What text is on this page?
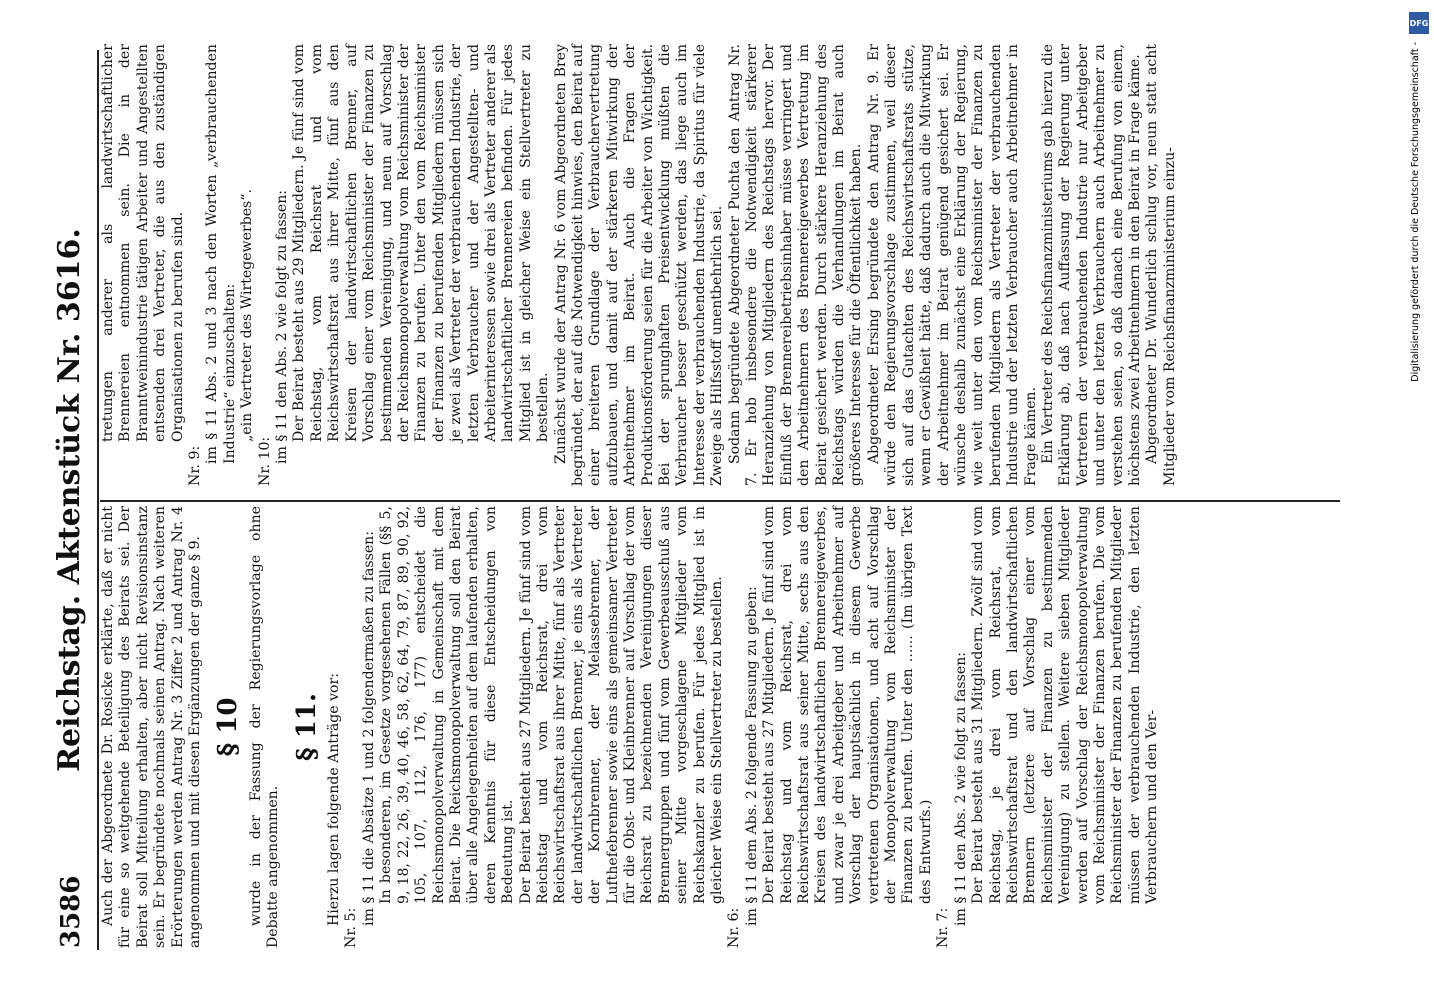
3586
Reichstag. Aktenstück Nr. 3616. Auch der Abgeordnete Dr. Rosicke erklärte, daß er nicht für eine so weitgehende Beteiligung des Beirats sei. Der Beirat soll Mitteilung erhalten, aber nicht Revisionsinstanz sein. Er begründete nochmals seinen Antrag. Nach weiteren Erörterungen werden Antrag Nr. 3 Ziffer 2 und Antrag Nr. 4 angenommen und mit diesen Ergänzungen der ganze § 9. § 10 wurde in der Fassung der Regierungsvorlage ohne Debatte angenommen.

§ 11. Hierzu lagen folgende Anträge vor:

Nr. 5:

im § 11 die Absätze 1 und 2 folgendermaßen zu fassen: In besonderen, im Gesetze vorgesehenen Fällen (§§ 5, 9, 18, 22, 26, 39, 40, 46, 58, 62, 64, 79, 87, 89, 90, 92, 105, 107, 112, 176, 177) entscheidet die Reichsmonopolverwaltung in Gemeinschaft mit dem Beirat. Die Reichsmonopolverwaltung soll den Beirat über alle Angelegenheiten auf dem laufenden erhalten, deren Kenntnis für diese Entscheidungen von Bedeutung ist. Der Beirat besteht aus 27 Mitgliedern. Je fünf sind vom Reichstag und vom Reichsrat, drei vom Reichswirtschaftsrat aus ihrer Mitte, fünf als Vertreter der landwirtschaftlichen Brenner, je eins als Vertreter der Kornbrenner, der Melassebrenner, der Lufthefebrenner sowie eins als gemeinsamer Vertreter für die Obst- und Kleinbrenner auf Vorschlag der vom Reichsrat zu bezeichnenden Vereinigungen dieser Brennergruppen und fünf vom Gewerbeausschuß aus seiner Mitte vorgeschlagene Mitglieder vom Reichskanzler zu berufen. Für jedes Mitglied ist in gleicher Weise ein Stellvertreter zu bestellen.

Nr. 6:

im § 11 dem Abs. 2 folgende Fassung zu geben: Der Beirat besteht aus 27 Mitgliedern. Je fünf sind vom Reichstag und vom Reichsrat, drei vom Reichswirtschaftsrat aus seiner Mitte, sechs aus den Kreisen des landwirtschaftlichen Brennereigewerbes, und zwar je drei Arbeitgeber und Arbeitnehmer auf Vorschlag der hauptsächlich in diesem Gewerbe vertretenen Organisationen, und acht auf Vorschlag der Monopolverwaltung vom Reichsminister der Finanzen zu berufen. Unter den ...... (Im übrigen Text des Entwurfs.)

Nr. 7:

im § 11 den Abs. 2 wie folgt zu fassen: Der Beirat besteht aus 31 Mitgliedern. Zwölf sind vom Reichstag, je drei vom Reichsrat, vom Reichswirtschaftsrat und den landwirtschaftlichen Brennern (letztere auf Vorschlag einer vom Reichsminister der Finanzen zu bestimmenden Vereinigung) zu stellen. Weitere sieben Mitglieder werden auf Vorschlag der Reichsmonopolverwaltung vom Reichsminister der Finanzen berufen. Die vom Reichsminister der Finanzen zu berufenden Mitglieder müssen der verbrauchenden Industrie, den letzten Verbrauchern und den Ver-

tretungen anderer als landwirtschaftlicher Brennereien entnommen sein. Die in der Branntweinindustrie tätigen Arbeiter und Angestellten entsenden drei Vertreter, die aus den zuständigen Organisationen zu berufen sind.

Nr. 9:

im § 11 Abs. 2 und 3 nach den Worten „verbrauchenden Industrie“ einzuschalten: „ein Vertreter des Wirtegewerbes“.

Nr. 10: im § 11 den Abs. 2 wie folgt zu fassen: Der Beirat besteht aus 29 Mitgliedern. Je fünf sind vom Reichstag, vom Reichsrat und vom Reichswirtschaftsrat aus ihrer Mitte, fünf aus den Kreisen der landwirtschaftlichen Brenner, auf Vorschlag einer vom Reichsminister der Finanzen zu bestimmenden Vereinigung, und neun auf Vorschlag der Reichsmonopolverwaltung vom Reichsminister der Finanzen zu berufen. Unter den vom Reichsminister der Finanzen zu berufenden Mitgliedern müssen sich je zwei als Vertreter der verbrauchenden Industrie, der letzten Verbraucher und der Angestellten- und Arbeiterinteressen sowie drei als Vertreter anderer als landwirtschaftlicher Brennereien befinden. Für jedes Mitglied ist in gleicher Weise ein Stellvertreter zu bestellen. Zunächst wurde der Antrag Nr. 6 vom Abgeordneten Brey begründet, der auf die Notwendigkeit hinwies, den Beirat auf einer breiteren Grundlage der Verbrauchervertretung aufzubauen, und damit auf der stärkeren Mitwirkung der Arbeitnehmer im Beirat. Auch die Fragen der Produktionsförderung seien für die Arbeiter von Wichtigkeit. Bei der sprunghaften Preisentwicklung müßten die Verbraucher besser geschützt werden, das liege auch im Interesse der verbrauchenden Industrie, da Spiritus für viele Zweige als Hilfsstoff unentbehrlich sei. Sodann begründete Abgeordneter Puchta den Antrag Nr. 7. Er hob insbesondere die Notwendigkeit stärkerer Heranziehung von Mitgliedern des Reichstags hervor. Der Einfluß der Brennereibetriebsinhaber müsse verringert und den Arbeitnehmern des Brennereigewerbes Vertretung im Beirat gesichert werden. Durch stärkere Heranziehung des Reichstags würden die Verhandlungen im Beirat auch größeres Interesse für die Öffentlichkeit haben. Abgeordneter Ersing begründete den Antrag Nr. 9. Er würde den Regierungsvorschlage zustimmen, weil dieser sich auf das Gutachten des Reichswirtschaftsrats stütze, wenn er Gewißheit hätte, daß dadurch auch die Mitwirkung der Arbeitnehmer im Beirat genügend gesichert sei. Er wünsche deshalb zunächst eine Erklärung der Regierung, wie weit unter den vom Reichsminister der Finanzen zu berufenden Mitgliedern als Vertreter der verbrauchenden Industrie und der letzten Verbraucher auch Arbeitnehmer in Frage kämen. Ein Vertreter des Reichsfinanzministeriums gab hierzu die Erklärung ab, daß nach Auffassung der Regierung unter Vertretern der verbrauchenden Industrie nur Arbeitgeber und unter den letzten Verbrauchern auch Arbeitnehmer zu verstehen seien, so daß danach eine Berufung von einem, höchstens zwei Arbeitnehmern in den Beirat in Frage käme. Abgeordneter Dr. Wunderlich schlug vor, neun statt acht Mitglieder vom Reichsfinanzministerium einzu-

DFG
Digitalisierung gefördert durch die Deutsche Forschungsgemeinschaft -
